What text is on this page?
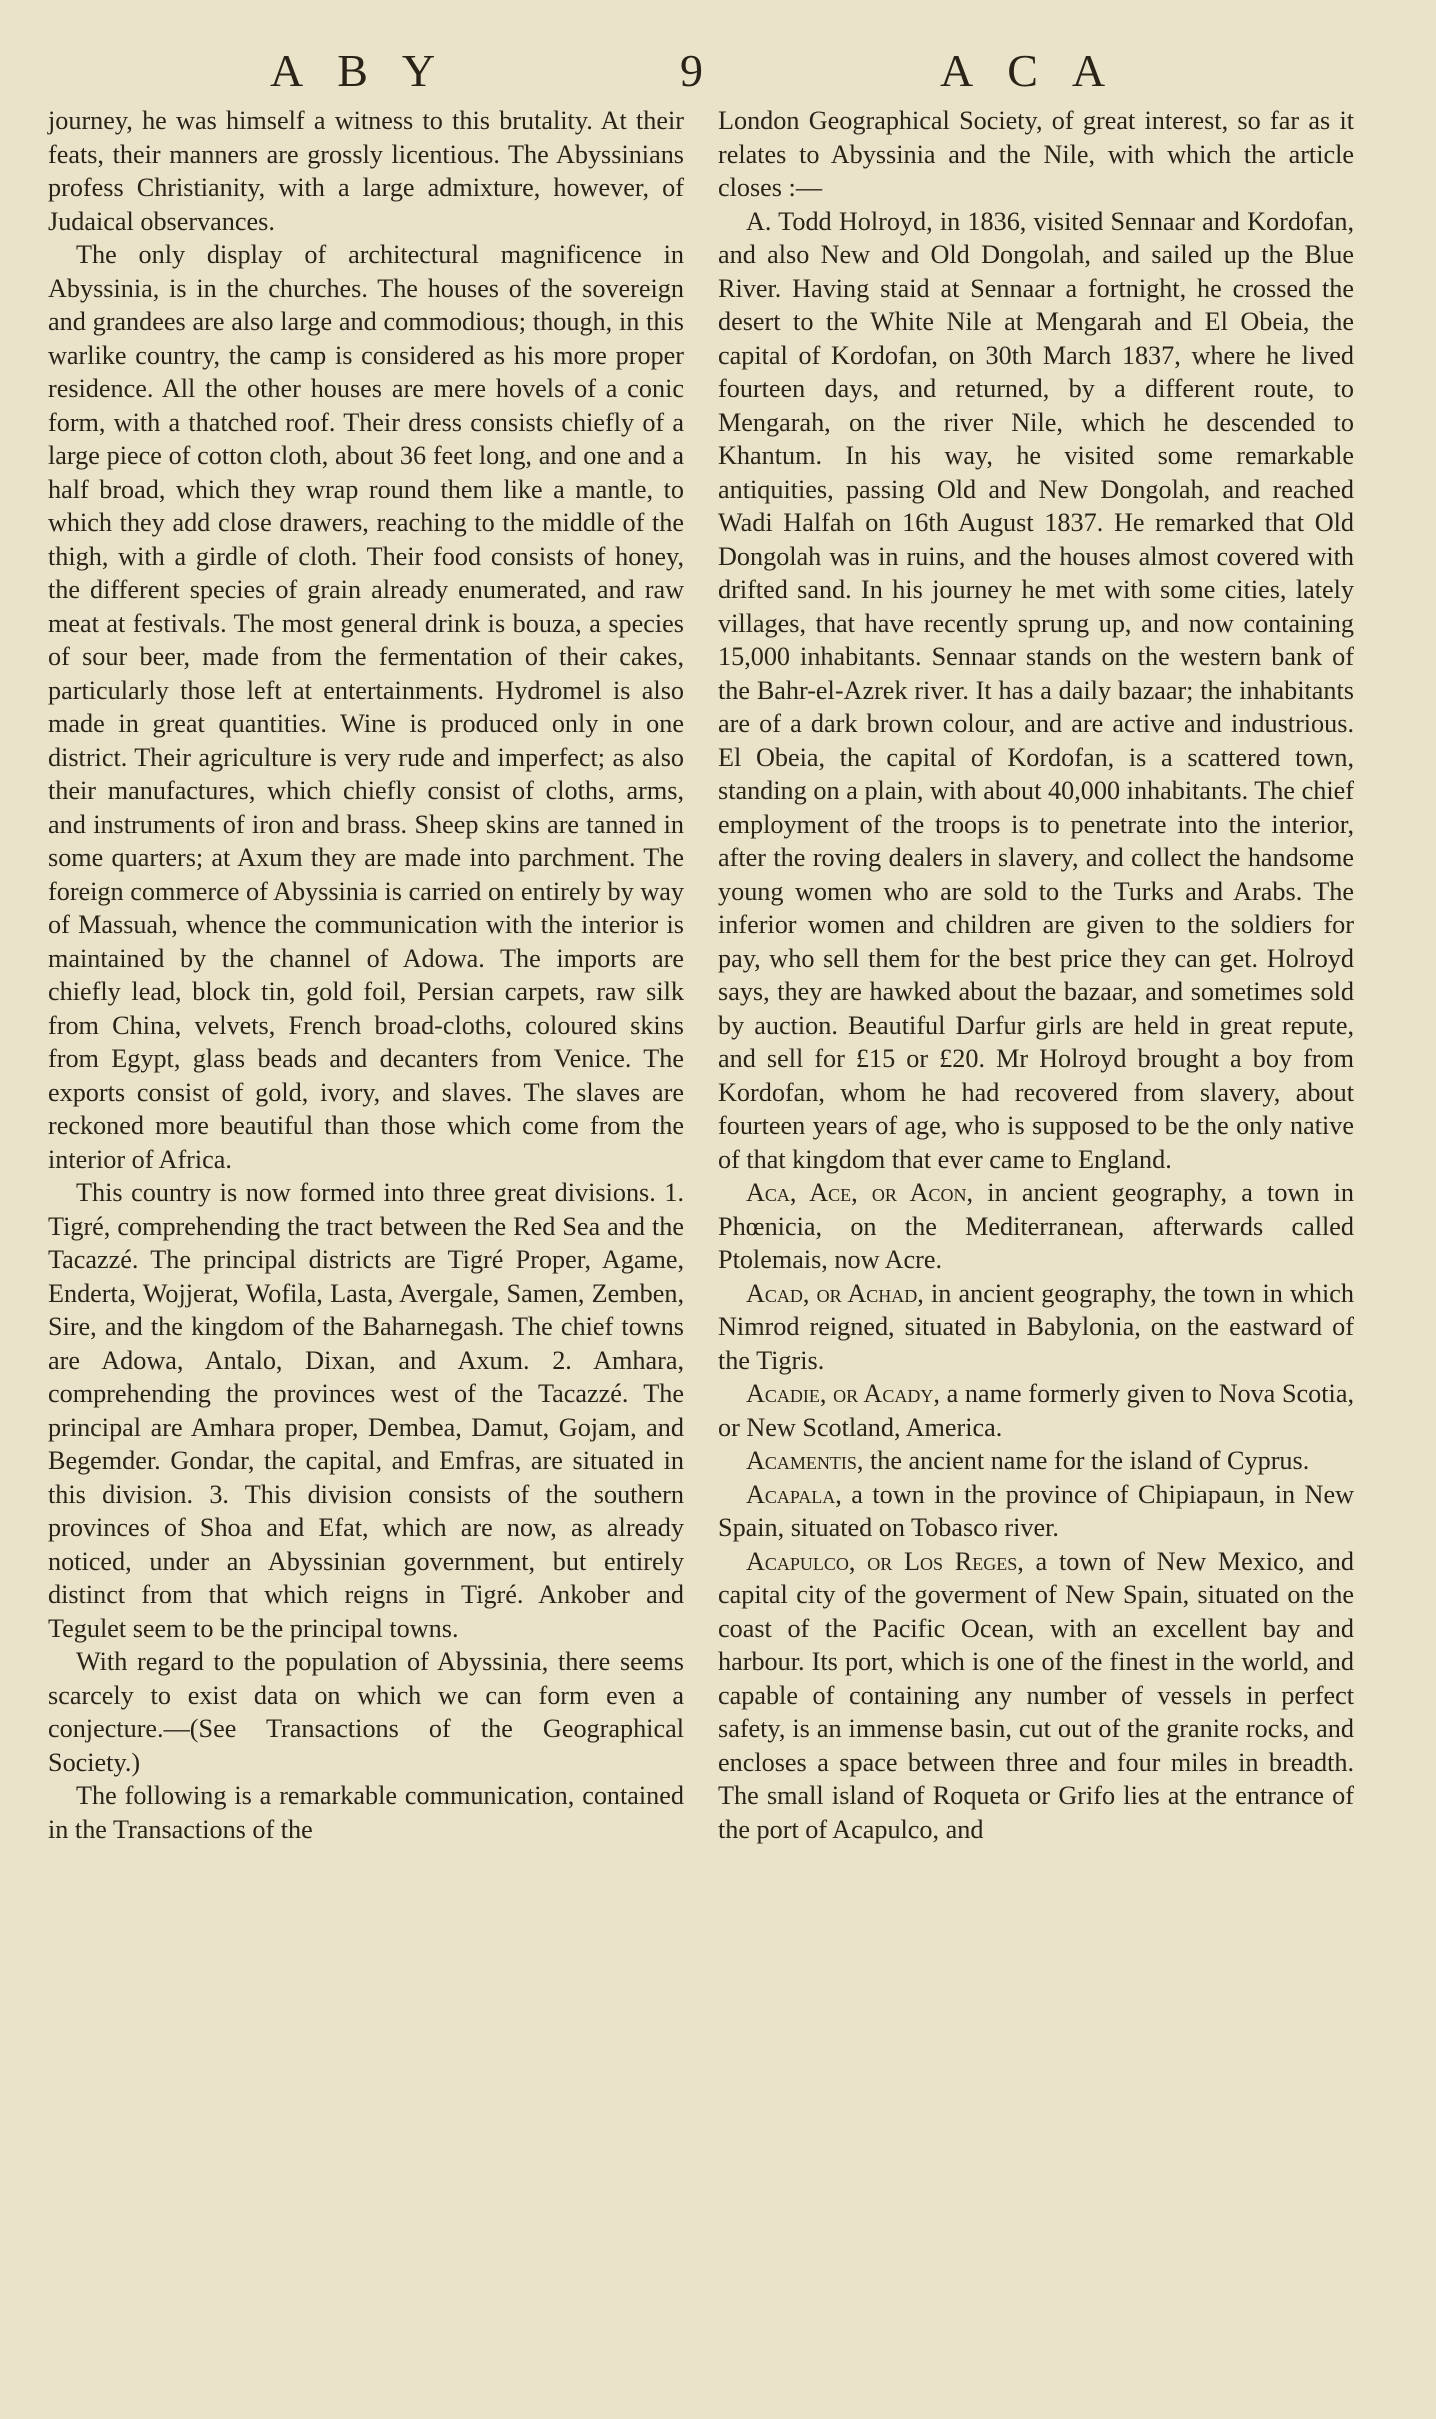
ABY	9	ACA

journey, he was himself a witness to this brutality. At their feats, their manners are grossly licentious. The Abyssinians profess Christianity, with a large admixture, however, of Judaical observances.

The only display of architectural magnificence in Abyssinia, is in the churches. The houses of the sovereign and grandees are also large and commodious; though, in this warlike country, the camp is considered as his more proper residence. All the other houses are mere hovels of a conic form, with a thatched roof. Their dress consists chiefly of a large piece of cotton cloth, about 36 feet long, and one and a half broad, which they wrap round them like a mantle, to which they add close drawers, reaching to the middle of the thigh, with a girdle of cloth. Their food consists of honey, the different species of grain already enumerated, and raw meat at festivals. The most general drink is bouza, a species of sour beer, made from the fermentation of their cakes, particularly those left at entertainments. Hydromel is also made in great quantities. Wine is produced only in one district. Their agriculture is very rude and imperfect; as also their manufactures, which chiefly consist of cloths, arms, and instruments of iron and brass. Sheep skins are tanned in some quarters; at Axum they are made into parchment. The foreign commerce of Abyssinia is carried on entirely by way of Massuah, whence the communication with the interior is maintained by the channel of Adowa. The imports are chiefly lead, block tin, gold foil, Persian carpets, raw silk from China, velvets, French broad-cloths, coloured skins from Egypt, glass beads and decanters from Venice. The exports consist of gold, ivory, and slaves. The slaves are reckoned more beautiful than those which come from the interior of Africa.

This country is now formed into three great divisions. 1. Tigré, comprehending the tract between the Red Sea and the Tacazzé. The principal districts are Tigré Proper, Agame, Enderta, Wojjerat, Wofila, Lasta, Avergale, Samen, Zemben, Sire, and the kingdom of the Baharnegash. The chief towns are Adowa, Antalo, Dixan, and Axum. 2. Amhara, comprehending the provinces west of the Tacazzé. The principal are Amhara proper, Dembea, Damut, Gojam, and Begemder. Gondar, the capital, and Emfras, are situated in this division. 3. This division consists of the southern provinces of Shoa and Efat, which are now, as already noticed, under an Abyssinian government, but entirely distinct from that which reigns in Tigré. Ankober and Tegulet seem to be the principal towns.

With regard to the population of Abyssinia, there seems scarcely to exist data on which we can form even a conjecture.—(See Transactions of the Geographical Society.)

The following is a remarkable communication, contained in the Transactions of the

London Geographical Society, of great interest, so far as it relates to Abyssinia and the Nile, with which the article closes :—

A. Todd Holroyd, in 1836, visited Sennaar and Kordofan, and also New and Old Dongolah, and sailed up the Blue River. Having staid at Sennaar a fortnight, he crossed the desert to the White Nile at Mengarah and El Obeia, the capital of Kordofan, on 30th March 1837, where he lived fourteen days, and returned, by a different route, to Mengarah, on the river Nile, which he descended to Khantum. In his way, he visited some remarkable antiquities, passing Old and New Dongolah, and reached Wadi Halfah on 16th August 1837. He remarked that Old Dongolah was in ruins, and the houses almost covered with drifted sand. In his journey he met with some cities, lately villages, that have recently sprung up, and now containing 15,000 inhabitants. Sennaar stands on the western bank of the Bahr-el-Azrek river. It has a daily bazaar; the inhabitants are of a dark brown colour, and are active and industrious. El Obeia, the capital of Kordofan, is a scattered town, standing on a plain, with about 40,000 inhabitants. The chief employment of the troops is to penetrate into the interior, after the roving dealers in slavery, and collect the handsome young women who are sold to the Turks and Arabs. The inferior women and children are given to the soldiers for pay, who sell them for the best price they can get. Holroyd says, they are hawked about the bazaar, and sometimes sold by auction. Beautiful Darfur girls are held in great repute, and sell for £15 or £20. Mr Holroyd brought a boy from Kordofan, whom he had recovered from slavery, about fourteen years of age, who is supposed to be the only native of that kingdom that ever came to England.

Aca, Ace, or Acon, in ancient geography, a town in Phœnicia, on the Mediterranean, afterwards called Ptolemais, now Acre.

Acad, or Achad, in ancient geography, the town in which Nimrod reigned, situated in Babylonia, on the eastward of the Tigris.

Acadie, or Acady, a name formerly given to Nova Scotia, or New Scotland, America.

Acamentis, the ancient name for the island of Cyprus.

Acapala, a town in the province of Chipiapaun, in New Spain, situated on Tobasco river.

Acapulco, or Los Reges, a town of New Mexico, and capital city of the goverment of New Spain, situated on the coast of the Pacific Ocean, with an excellent bay and harbour. Its port, which is one of the finest in the world, and capable of containing any number of vessels in perfect safety, is an immense basin, cut out of the granite rocks, and encloses a space between three and four miles in breadth. The small island of Roqueta or Grifo lies at the entrance of the port of Acapulco, and
